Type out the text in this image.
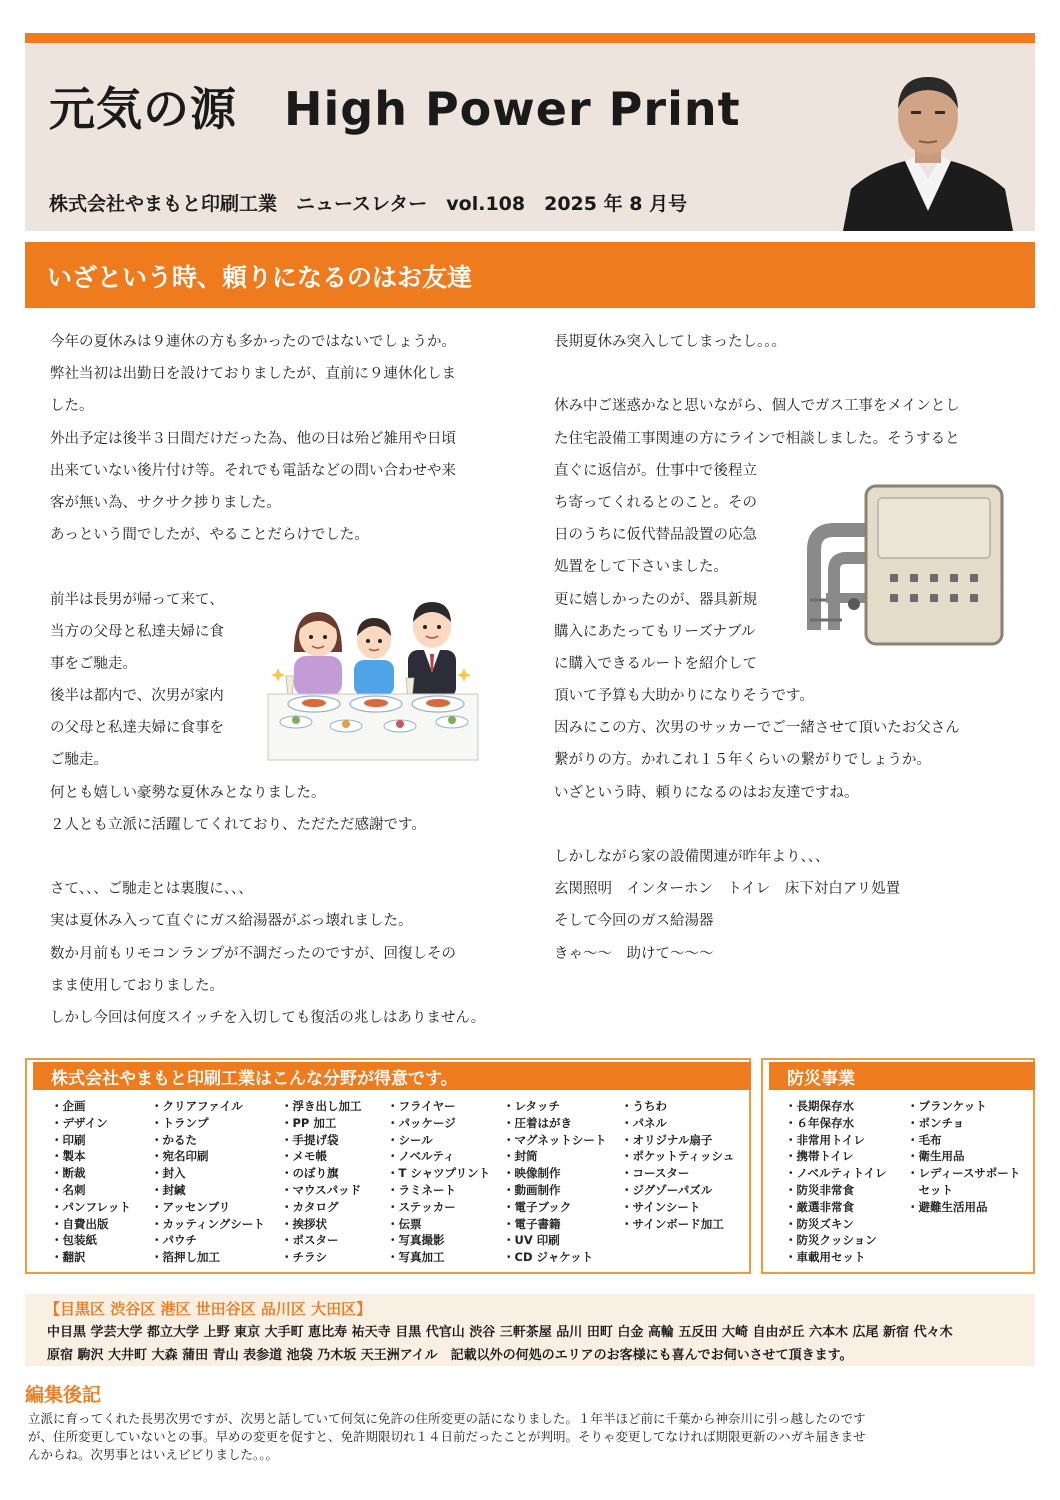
元気の源　High Power Print
株式会社やまもと印刷工業　ニュースレター　vol.108　2025 年 8 月号
いざという時、頼りになるのはお友達

今年の夏休みは９連休の方も多かったのではないでしょうか。

弊社当初は出勤日を設けておりましたが、直前に９連休化しま

した。

外出予定は後半３日間だけだった為、他の日は殆ど雑用や日頃

出来ていない後片付け等。それでも電話などの問い合わせや来

客が無い為、サクサク捗りました。

あっという間でしたが、やることだらけでした。

前半は長男が帰って来て、

当方の父母と私達夫婦に食

事をご馳走。

後半は都内で、次男が家内

の父母と私達夫婦に食事を

ご馳走。

何とも嬉しい豪勢な夏休みとなりました。

２人とも立派に活躍してくれており、ただただ感謝です。

さて、、、ご馳走とは裏腹に、、、

実は夏休み入って直ぐにガス給湯器がぶっ壊れました。

数か月前もリモコンランプが不調だったのですが、回復しその

まま使用しておりました。

しかし今回は何度スイッチを入切しても復活の兆しはありません。

長期夏休み突入してしまったし。。。

休み中ご迷惑かなと思いながら、個人でガス工事をメインとし

た住宅設備工事関連の方にラインで相談しました。そうすると

直ぐに返信が。仕事中で後程立

ち寄ってくれるとのこと。その

日のうちに仮代替品設置の応急

処置をして下さいました。

更に嬉しかったのが、器具新規

購入にあたってもリーズナブル

に購入できるルートを紹介して

頂いて予算も大助かりになりそうです。

因みにこの方、次男のサッカーでご一緒させて頂いたお父さん

繋がりの方。かれこれ１５年くらいの繋がりでしょうか。

いざという時、頼りになるのはお友達ですね。

しかしながら家の設備関連が昨年より、、、

玄関照明　インターホン　トイレ　床下対白アリ処置

そして今回のガス給湯器

きゃ〜〜　助けて〜〜〜

株式会社やまもと印刷工業はこんな分野が得意です。
・企画
・デザイン
・印刷
・製本
・断裁
・名刺
・パンフレット
・自費出版
・包装紙
・翻訳
・クリアファイル
・トランプ
・かるた
・宛名印刷
・封入
・封緘
・アッセンブリ
・カッティングシート
・パウチ
・箔押し加工
・浮き出し加工
・PP 加工
・手提げ袋
・メモ帳
・のぼり旗
・マウスパッド
・カタログ
・挨拶状
・ポスター
・チラシ
・フライヤー
・パッケージ
・シール
・ノベルティ
・T シャツプリント
・ラミネート
・ステッカー
・伝票
・写真撮影
・写真加工
・レタッチ
・圧着はがき
・マグネットシート
・封筒
・映像制作
・動画制作
・電子ブック
・電子書籍
・UV 印刷
・CD ジャケット
・うちわ
・パネル
・オリジナル扇子
・ポケットティッシュ
・コースター
・ジグゾーパズル
・サインシート
・サインボード加工
防災事業
・長期保存水
・６年保存水
・非常用トイレ
・携帯トイレ
・ノベルティトイレ
・防災非常食
・厳選非常食
・防災ズキン
・防災クッション
・車載用セット
・ブランケット
・ポンチョ
・毛布
・衛生用品
・レディースサポート
　セット
・避難生活用品
【目黒区 渋谷区 港区 世田谷区 品川区 大田区】
中目黒 学芸大学 都立大学 上野 東京 大手町 恵比寿 祐天寺 目黒 代官山 渋谷 三軒茶屋 品川 田町 白金 高輪 五反田 大崎 自由が丘 六本木 広尾 新宿 代々木
原宿 駒沢 大井町 大森 蒲田 青山 表参道 池袋 乃木坂 天王洲アイル　記載以外の何処のエリアのお客様にも喜んでお伺いさせて頂きます。
編集後記

立派に育ってくれた長男次男ですが、次男と話していて何気に免許の住所変更の話になりました。１年半ほど前に千葉から神奈川に引っ越したのです

が、住所変更していないとの事。早めの変更を促すと、免許期限切れ１４日前だったことが判明。そりゃ変更してなければ期限更新のハガキ届きませ

んからね。次男事とはいえビビりました。。。
